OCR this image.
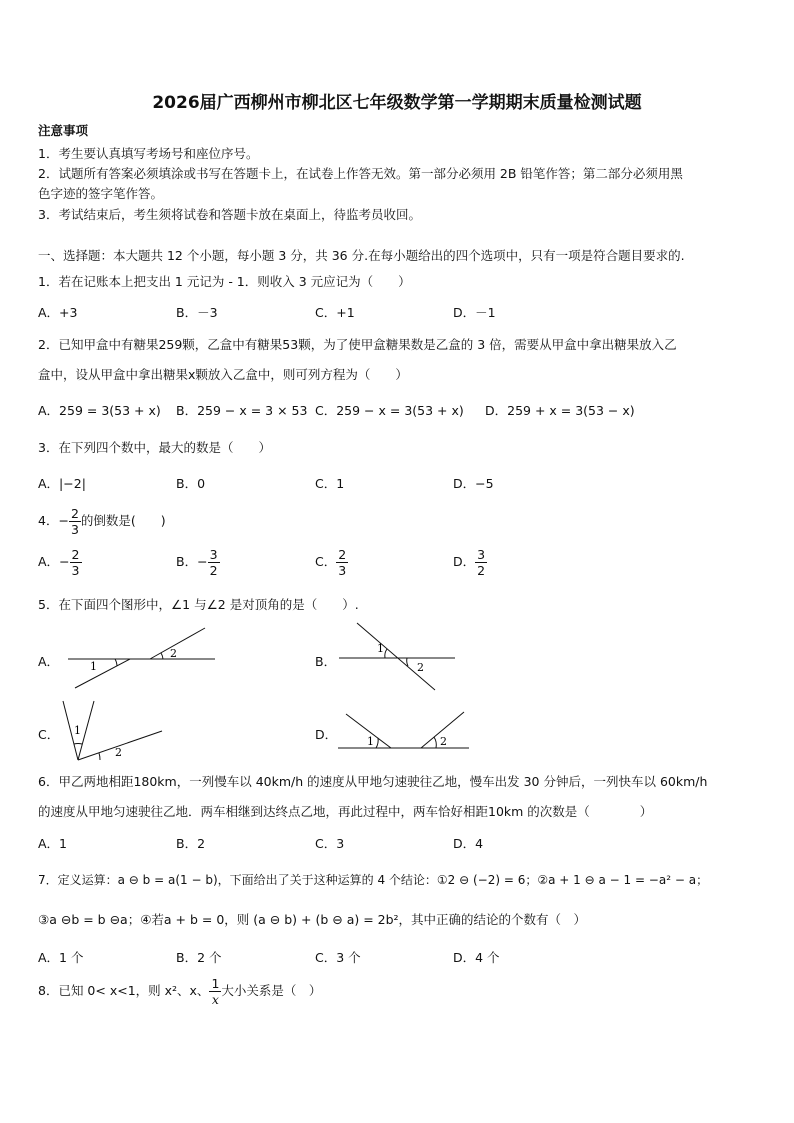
2026届广西柳州市柳北区七年级数学第一学期期末质量检测试题
注意事项
1．考生要认真填写考场号和座位序号。
2．试题所有答案必须填涂或书写在答题卡上，在试卷上作答无效。第一部分必须用 2B 铅笔作答；第二部分必须用黑
色字迹的签字笔作答。
3．考试结束后，考生须将试卷和答题卡放在桌面上，待监考员收回。
一、选择题：本大题共 12 个小题，每小题 3 分，共 36 分.在每小题给出的四个选项中，只有一项是符合题目要求的.
1．若在记账本上把支出 1 元记为 - 1．则收入 3 元应记为（　　）
A．+3	B．－3	C．+1	D．－1
2．已知甲盒中有糖果259颗，乙盒中有糖果53颗，为了使甲盒糖果数是乙盒的 3 倍，需要从甲盒中拿出糖果放入乙
盒中，设从甲盒中拿出糖果x颗放入乙盒中，则可列方程为（　　）
A．259 = 3(53 + x) B．259 − x = 3 × 53 C．259 − x = 3(53 + x) D．259 + x = 3(53 − x)
3．在下列四个数中，最大的数是（　　）
A．|−2|	B．0	C．1	D．−5
4．− $\frac{2}{3}$ 的倒数是(　　)
A．− $\frac{2}{3}$	B．− $\frac{3}{2}$	C． $\frac{2}{3}$	D． $\frac{3}{2}$
5．在下面四个图形中，∠1 与∠2 是对顶角的是（　　）.
A．	1
2
B．
1
2
C． 1
2
D．	1	2
6．甲乙两地相距180km，一列慢车以 40km/h 的速度从甲地匀速驶往乙地，慢车出发 30 分钟后，一列快车以 60km/h
的速度从甲地匀速驶往乙地．两车相继到达终点乙地，再此过程中，两车恰好相距10km 的次数是（　　　　）
A．1	B．2	C．3	D．4
7．定义运算：a ⊖ b = a(1 − b)，下面给出了关于这种运算的 4 个结论：①2 ⊖ (−2) = 6；②a + 1 ⊖ a − 1 = −a² − a；
③a ⊖b = b ⊖a；④若a + b = 0，则 (a ⊖ b) + (b ⊖ a) = 2b²，其中正确的结论的个数有（　）
A．1 个	B．2 个	C．3 个	D．4 个
8．已知 0< x<1，则 x²、x、 $\frac{1}{x}$ 大小关系是（　）
